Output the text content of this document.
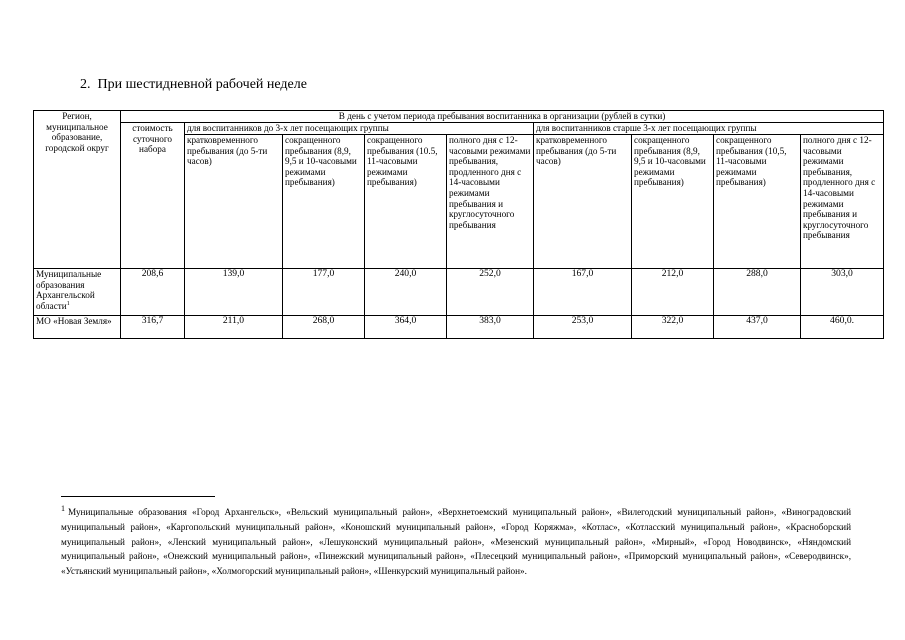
2. При шестидневной рабочей неделе
Регион, муниципальное образование, городской округ	В день с учетом периода пребывания воспитанника в организации (рублей в сутки)								
	стоимость суточного набора	для воспитанников до 3-х лет посещающих группы				для воспитанников старше 3-х лет посещающих группы			
		кратковременного пребывания (до 5-ти часов)	сокращенного пребывания (8,9, 9,5 и 10-часовыми режимами пребывания)	сокращенного пребывания (10.5, 11-часовыми режимами пребывания)	полного дня с 12-часовыми режимами пребывания, продленного дня с 14-часовыми режимами пребывания и круглосуточного пребывания	кратковременного пребывания (до 5-ти часов)	сокращенного пребывания (8,9, 9,5 и 10-часовыми режимами пребывания)	сокращенного пребывания (10,5, 11-часовыми режимами пребывания)	полного дня с 12-часовыми режимами пребывания, продленного дня с 14-часовыми режимами пребывания и круглосуточного пребывания
Муниципальные образования Архангельской области$^1$	208,6	139,0	177,0	240,0	252,0	167,0	212,0	288,0	303,0
МО «Новая Земля»	316,7	211,0	268,0	364,0	383,0	253,0	322,0	437,0	460,0.
1 Муниципальные образования «Город Архангельск», «Вельский муниципальный район», «Верхнетоемский муниципальный район», «Вилегодский муниципальный район», «Виноградовский муниципальный район», «Каргопольский муниципальный район», «Коношский муниципальный район», «Город Коряжма», «Котлас», «Котласский муниципальный район», «Красноборский муниципальный район», «Ленский муниципальный район», «Лешуконский муниципальный район», «Мезенский муниципальный район», «Мирный», «Город Новодвинск», «Няндомский муниципальный район», «Онежский муниципальный район», «Пинежский муниципальный район», «Плесецкий муниципальный район», «Приморский муниципальный район», «Северодвинск», «Устьянский муниципальный район», «Холмогорский муниципальный район», «Шенкурский муниципальный район».
